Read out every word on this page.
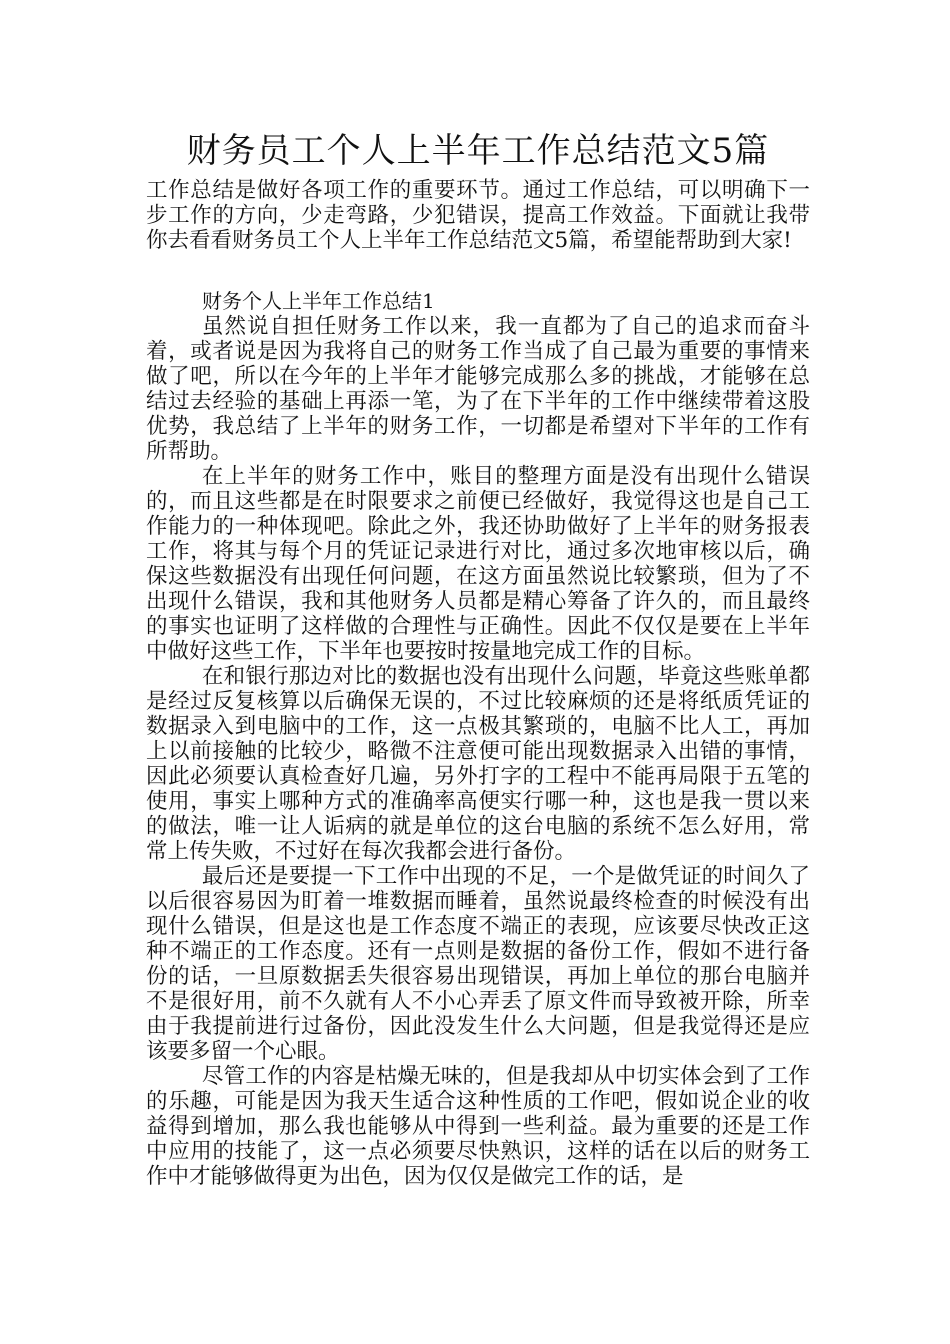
财务员工个人上半年工作总结范文5篇

工作总结是做好各项工作的重要环节。通过工作总结，可以明确下一步工作的方向，少走弯路，少犯错误，提高工作效益。下面就让我带你去看看财务员工个人上半年工作总结范文5篇，希望能帮助到大家!

财务个人上半年工作总结1

虽然说自担任财务工作以来，我一直都为了自己的追求而奋斗着，或者说是因为我将自己的财务工作当成了自己最为重要的事情来做了吧，所以在今年的上半年才能够完成那么多的挑战，才能够在总结过去经验的基础上再添一笔，为了在下半年的工作中继续带着这股优势，我总结了上半年的财务工作，一切都是希望对下半年的工作有所帮助。

在上半年的财务工作中，账目的整理方面是没有出现什么错误的，而且这些都是在时限要求之前便已经做好，我觉得这也是自己工作能力的一种体现吧。除此之外，我还协助做好了上半年的财务报表工作，将其与每个月的凭证记录进行对比，通过多次地审核以后，确保这些数据没有出现任何问题，在这方面虽然说比较繁琐，但为了不出现什么错误，我和其他财务人员都是精心筹备了许久的，而且最终的事实也证明了这样做的合理性与正确性。因此不仅仅是要在上半年中做好这些工作，下半年也要按时按量地完成工作的目标。

在和银行那边对比的数据也没有出现什么问题，毕竟这些账单都是经过反复核算以后确保无误的，不过比较麻烦的还是将纸质凭证的数据录入到电脑中的工作，这一点极其繁琐的，电脑不比人工，再加上以前接触的比较少，略微不注意便可能出现数据录入出错的事情，因此必须要认真检查好几遍，另外打字的工程中不能再局限于五笔的使用，事实上哪种方式的准确率高便实行哪一种，这也是我一贯以来的做法，唯一让人诟病的就是单位的这台电脑的系统不怎么好用，常常上传失败，不过好在每次我都会进行备份。

最后还是要提一下工作中出现的不足，一个是做凭证的时间久了以后很容易因为盯着一堆数据而睡着，虽然说最终检查的时候没有出现什么错误，但是这也是工作态度不端正的表现，应该要尽快改正这种不端正的工作态度。还有一点则是数据的备份工作，假如不进行备份的话，一旦原数据丢失很容易出现错误，再加上单位的那台电脑并不是很好用，前不久就有人不小心弄丢了原文件而导致被开除，所幸由于我提前进行过备份，因此没发生什么大问题，但是我觉得还是应该要多留一个心眼。

尽管工作的内容是枯燥无味的，但是我却从中切实体会到了工作的乐趣，可能是因为我天生适合这种性质的工作吧，假如说企业的收益得到增加，那么我也能够从中得到一些利益。最为重要的还是工作中应用的技能了，这一点必须要尽快熟识，这样的话在以后的财务工作中才能够做得更为出色，因为仅仅是做完工作的话，是
